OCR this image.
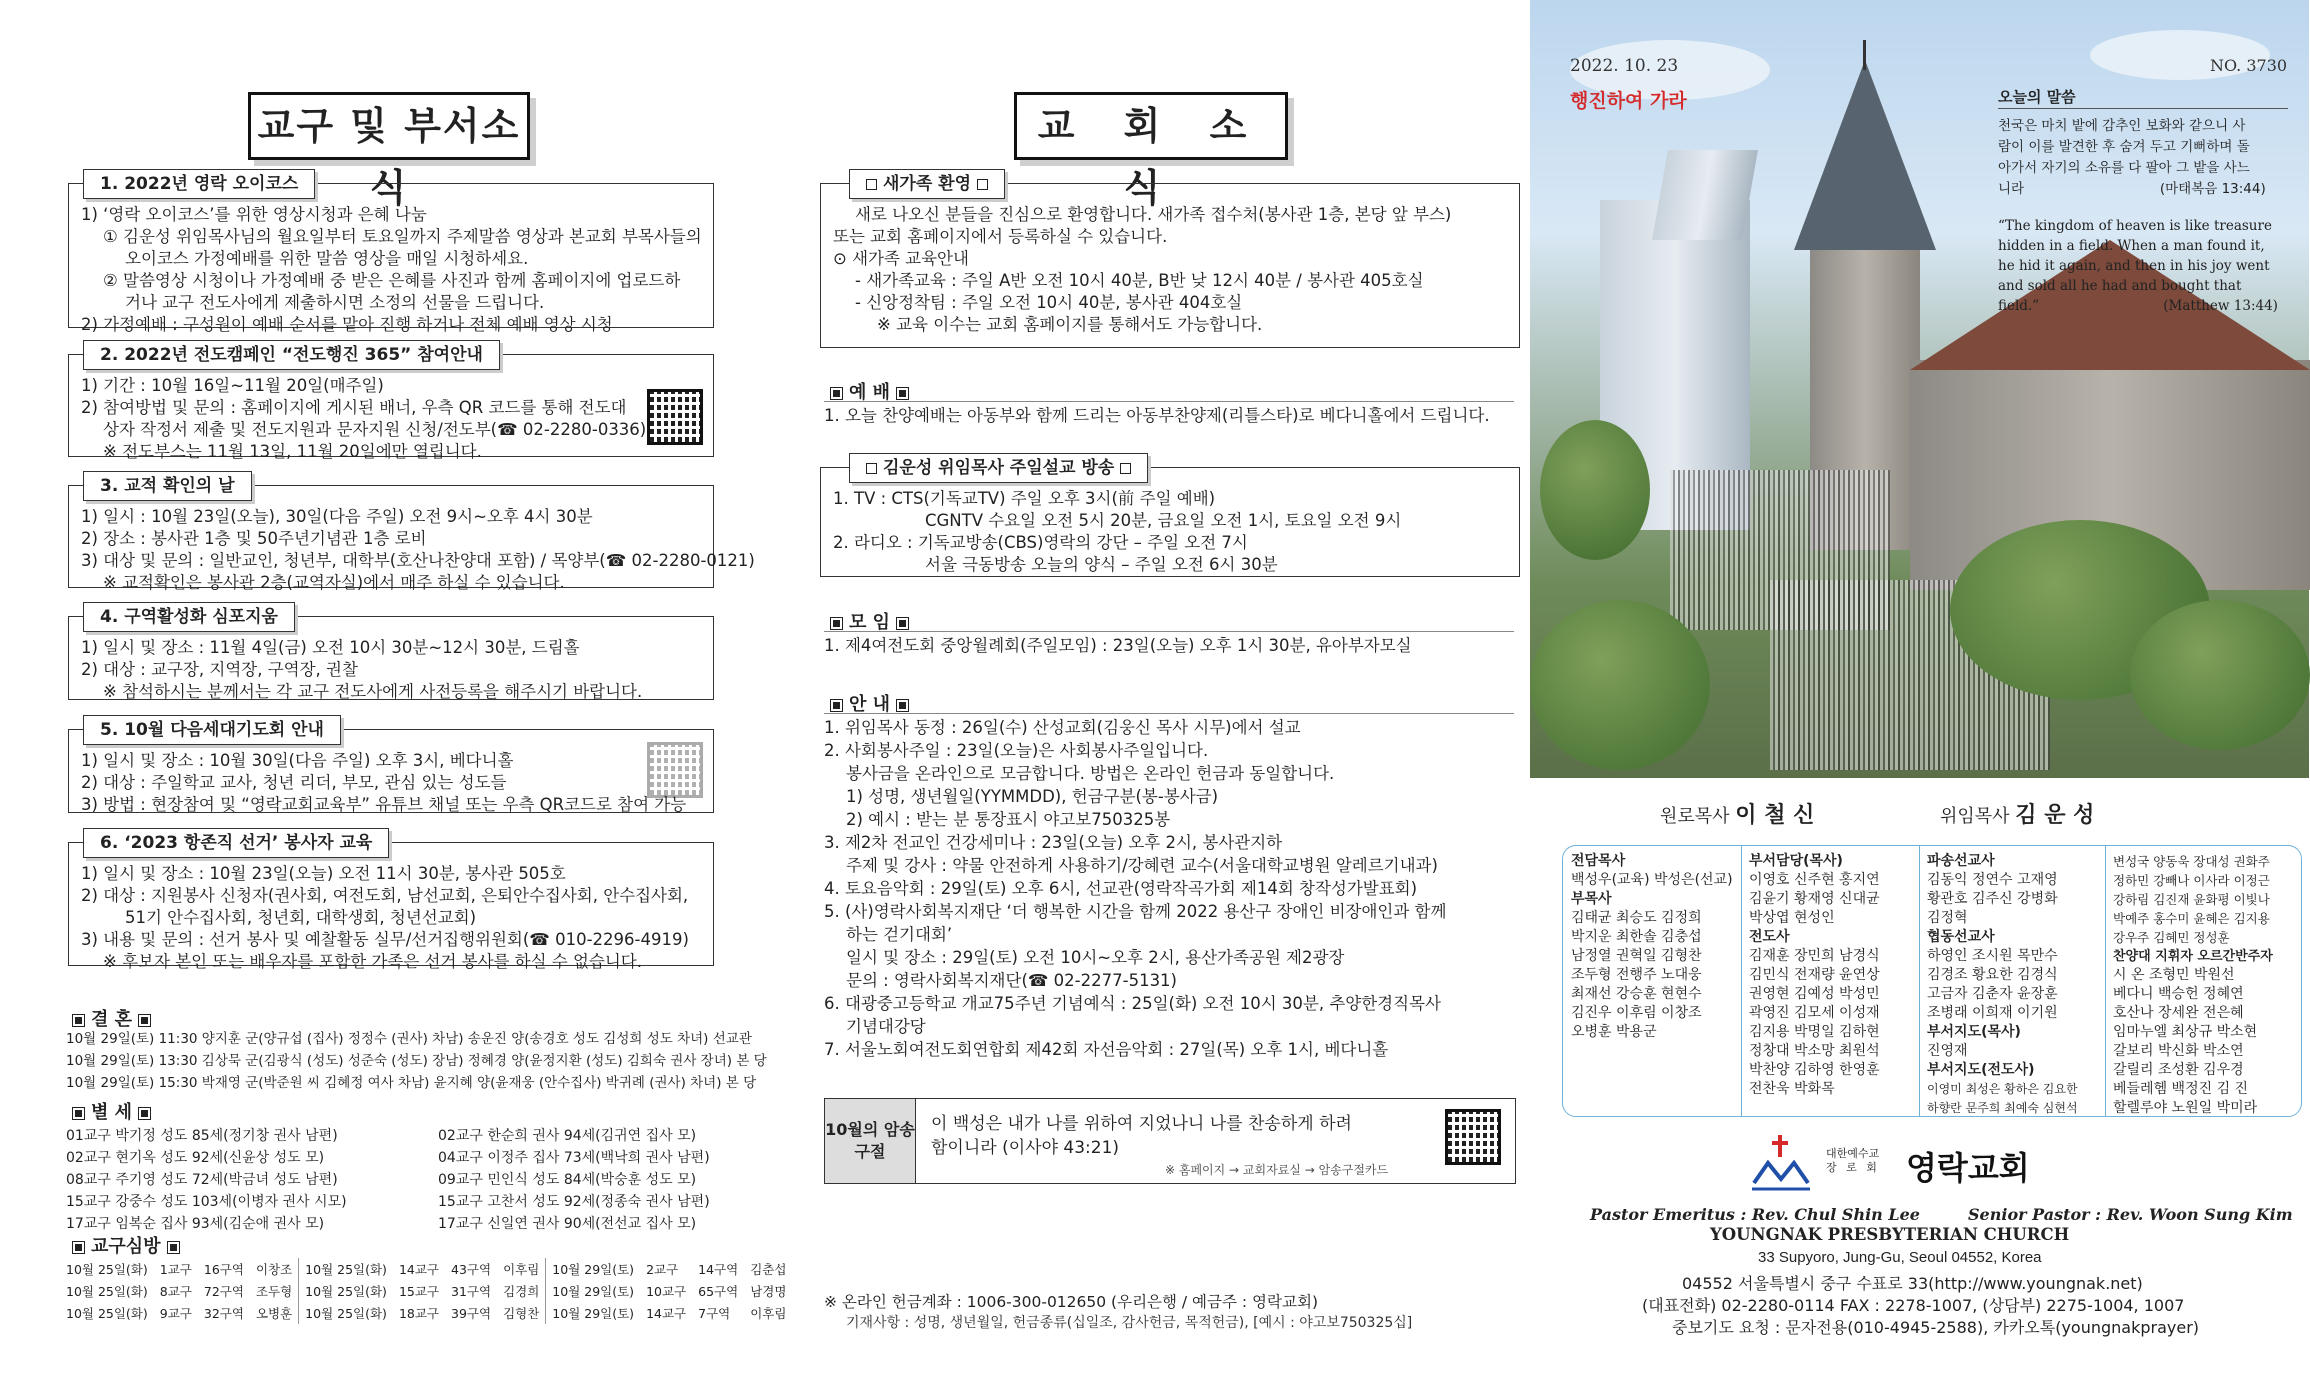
교구 및 부서소식
1. 2022년 영락 오이코스

1) ‘영락 오이코스’를 위한 영상시청과 은혜 나눔

① 김운성 위임목사님의 월요일부터 토요일까지 주제말씀 영상과 본교회 부목사들의

오이코스 가정예배를 위한 말씀 영상을 매일 시청하세요.

② 말씀영상 시청이나 가정예배 중 받은 은혜를 사진과 함께 홈페이지에 업로드하

거나 교구 전도사에게 제출하시면 소정의 선물을 드립니다.

2) 가정예배 : 구성원이 예배 순서를 맡아 진행 하거나 전체 예배 영상 시청

2. 2022년 전도캠페인 “전도행진 365” 참여안내

1) 기간 : 10월 16일~11월 20일(매주일)

2) 참여방법 및 문의 : 홈페이지에 게시된 배너, 우측 QR 코드를 통해 전도대

상자 작정서 제출 및 전도지원과 문자지원 신청/전도부(☎ 02-2280-0336)

※ 전도부스는 11월 13일, 11월 20일에만 열립니다.

3. 교적 확인의 날

1) 일시 : 10월 23일(오늘), 30일(다음 주일) 오전 9시~오후 4시 30분

2) 장소 : 봉사관 1층 및 50주년기념관 1층 로비

3) 대상 및 문의 : 일반교인, 청년부, 대학부(호산나찬양대 포함) / 목양부(☎ 02-2280-0121)

※ 교적확인은 봉사관 2층(교역자실)에서 매주 하실 수 있습니다.

4. 구역활성화 심포지움

1) 일시 및 장소 : 11월 4일(금) 오전 10시 30분~12시 30분, 드림홀

2) 대상 : 교구장, 지역장, 구역장, 권찰

※ 참석하시는 분께서는 각 교구 전도사에게 사전등록을 해주시기 바랍니다.

5. 10월 다음세대기도회 안내

1) 일시 및 장소 : 10월 30일(다음 주일) 오후 3시, 베다니홀

2) 대상 : 주일학교 교사, 청년 리더, 부모, 관심 있는 성도들

3) 방법 : 현장참여 및 “영락교회교육부” 유튜브 채널 또는 우측 QR코드로 참여 가능

6. ‘2023 항존직 선거’ 봉사자 교육

1) 일시 및 장소 : 10월 23일(오늘) 오전 11시 30분, 봉사관 505호

2) 대상 : 지원봉사 신청자(권사회, 여전도회, 남선교회, 은퇴안수집사회, 안수집사회,

51기 안수집사회, 청년회, 대학생회, 청년선교회)

3) 내용 및 문의 : 선거 봉사 및 예찰활동 실무/선거집행위원회(☎ 010-2296-4919)

※ 후보자 본인 또는 배우자를 포함한 가족은 선거 봉사를 하실 수 없습니다.

결 혼

10월 29일(토) 11:30 양지훈 군(양규섭 (집사) 정정수 (권사) 차남) 송운진 양(송경호 성도 김성희 성도 차녀) 선교관

10월 29일(토) 13:30 김상묵 군(김광식 (성도) 성준숙 (성도) 장남) 정혜경 양(윤정지환 (성도) 김희숙 권사 장녀) 본 당

10월 29일(토) 15:30 박재영 군(박준원 씨 김혜정 여사 차남) 윤지혜 양(윤재웅 (안수집사) 박귀례 (권사) 차녀) 본 당

별 세
01교구 박기정 성도 85세(정기창 권사 남편)	02교구 한순희 권사 94세(김귀연 집사 모)
02교구 현기옥 성도 92세(신윤상 성도 모)	04교구 이정주 집사 73세(백낙희 권사 남편)
08교구 주기영 성도 72세(박금녀 성도 남편)	09교구 민인식 성도 84세(박숭훈 성도 모)
15교구 강중수 성도 103세(이병자 권사 시모)	15교구 고찬서 성도 92세(정종숙 권사 남편)
17교구 임복순 집사 93세(김순애 권사 모)	17교구 신일연 권사 90세(전선교 집사 모)
교구심방
10월 25일(화)	1교구	16구역	이창조	10월 25일(화)	14교구	43구역	이후림	10월 29일(토)	2교구	14구역	김춘섭
10월 25일(화)	8교구	72구역	조두형	10월 25일(화)	15교구	31구역	김경희	10월 29일(토)	10교구	65구역	남경명
10월 25일(화)	9교구	32구역	오병훈	10월 25일(화)	18교구	39구역	김형찬	10월 29일(토)	14교구	7구역	이후림
교 회 소 식
새가족 환영

새로 나오신 분들을 진심으로 환영합니다. 새가족 접수처(봉사관 1층, 본당 앞 부스)

또는 교회 홈페이지에서 등록하실 수 있습니다.

⊙ 새가족 교육안내

- 새가족교육 : 주일 A반 오전 10시 40분, B반 낮 12시 40분 / 봉사관 405호실

- 신앙정착팀 : 주일 오전 10시 40분, 봉사관 404호실

※ 교육 이수는 교회 홈페이지를 통해서도 가능합니다.

예 배

1. 오늘 찬양예배는 아동부와 함께 드리는 아동부찬양제(리틀스타)로 베다니홀에서 드립니다.

김운성 위임목사 주일설교 방송

1. TV : CTS(기독교TV) 주일 오후 3시(前 주일 예배)

CGNTV 수요일 오전 5시 20분, 금요일 오전 1시, 토요일 오전 9시

2. 라디오 : 기독교방송(CBS)영락의 강단 – 주일 오전 7시

서울 극동방송 오늘의 양식 – 주일 오전 6시 30분

모 임

1. 제4여전도회 중앙월례회(주일모임) : 23일(오늘) 오후 1시 30분, 유아부자모실

안 내

1. 위임목사 동정 : 26일(수) 산성교회(김웅신 목사 시무)에서 설교

2. 사회봉사주일 : 23일(오늘)은 사회봉사주일입니다.

봉사금을 온라인으로 모금합니다. 방법은 온라인 헌금과 동일합니다.

1) 성명, 생년월일(YYMMDD), 헌금구분(봉-봉사금)

2) 예시 : 받는 분 통장표시 야고보750325봉

3. 제2차 전교인 건강세미나 : 23일(오늘) 오후 2시, 봉사관지하

주제 및 강사 : 약물 안전하게 사용하기/강혜련 교수(서울대학교병원 알레르기내과)

4. 토요음악회 : 29일(토) 오후 6시, 선교관(영락작곡가회 제14회 창작성가발표회)

5. (사)영락사회복지재단 ‘더 행복한 시간을 함께 2022 용산구 장애인 비장애인과 함께

하는 걷기대회’

일시 및 장소 : 29일(토) 오전 10시~오후 2시, 용산가족공원 제2광장

문의 : 영락사회복지재단(☎ 02-2277-5131)

6. 대광중고등학교 개교75주년 기념예식 : 25일(화) 오전 10시 30분, 추양한경직목사

기념대강당

7. 서울노회여전도회연합회 제42회 자선음악회 : 27일(목) 오후 1시, 베다니홀

10월의 암송 구절
이 백성은 내가 나를 위하여 지었나니 나를 찬송하게 하려
함이니라 (이사야 43:21)
※ 홈페이지 → 교회자료실 → 암송구절카드
※ 온라인 헌금계좌 : 1006-300-012650 (우리은행 / 예금주 : 영락교회)
기재사항 : 성명, 생년월일, 헌금종류(십일조, 감사헌금, 목적헌금), [예시 : 야고보750325십]
2022. 10. 23
행진하여 가라
NO. 3730
오늘의 말씀

천국은 마치 밭에 감추인 보화와 같으니 사

람이 이를 발견한 후 숨겨 두고 기뻐하며 돌

아가서 자기의 소유를 다 팔아 그 밭을 사느

니라	(마태복음 13:44)

“The kingdom of heaven is like treasure

hidden in a field. When a man found it,

he hid it again, and then in his joy went

and sold all he had and bought that

field.”	(Matthew 13:44)
원로목사 이 철 신	위임목사 김 운 성

전담목사

백성우(교육) 박성은(선교)

부목사

김태균 최승도 김정희

박지운 최한솔 김충섭

남정열 권혁일 김형찬

조두형 전행주 노대웅

최재선 강승훈 현현수

김진우 이후림 이창조

오병훈 박용군

부서담당(목사)

이영호 신주현 홍지연

김윤기 황재영 신대균

박상엽 현성인

전도사

김재훈 장민희 남경식

김민식 전재량 윤연상

권영현 김예성 박성민

곽영진 김모세 이성재

김지용 박명일 김하현

정창대 박소망 최원석

박찬양 김하영 한영훈

전찬욱 박화목

파송선교사

김동익 정연수 고재영

황관호 김주신 강병화

김정혁

협동선교사

하영인 조시원 목만수

김경조 황요한 김경식

고금자 김춘자 윤장훈

조병래 이희재 이기원

부서지도(목사)

진영재

부서지도(전도사)

이영미 최성은 황하은 김요한

하향란 문주희 최예숙 심현석

변성국 양동욱 장대성 권화주

정하민 강빼나 이사라 이정근

강하림 김진재 윤화평 이빛나

박예주 홍수미 윤혜은 김지용

강우주 김혜민 정성훈

찬양대 지휘자 오르간반주자

시 온 조형민 박원선

베다니 백승헌 정혜연

호산나 장세완 전은혜

임마누엘 최상규 박소현

갈보리 박신화 박소연

갈릴리 조성환 김우경

베들레헴 백정진 김 진

할렐루야 노원일 박미라

대한예수교
장 로 회 영락교회
Pastor Emeritus : Rev. Chul Shin Lee	Senior Pastor : Rev. Woon Sung Kim
YOUNGNAK PRESBYTERIAN CHURCH
33 Supyoro, Jung-Gu, Seoul 04552, Korea
04552 서울특별시 중구 수표로 33(http://www.youngnak.net)
(대표전화) 02-2280-0114 FAX : 2278-1007, (상담부) 2275-1004, 1007
중보기도 요청 : 문자전용(010-4945-2588), 카카오톡(youngnakprayer)
